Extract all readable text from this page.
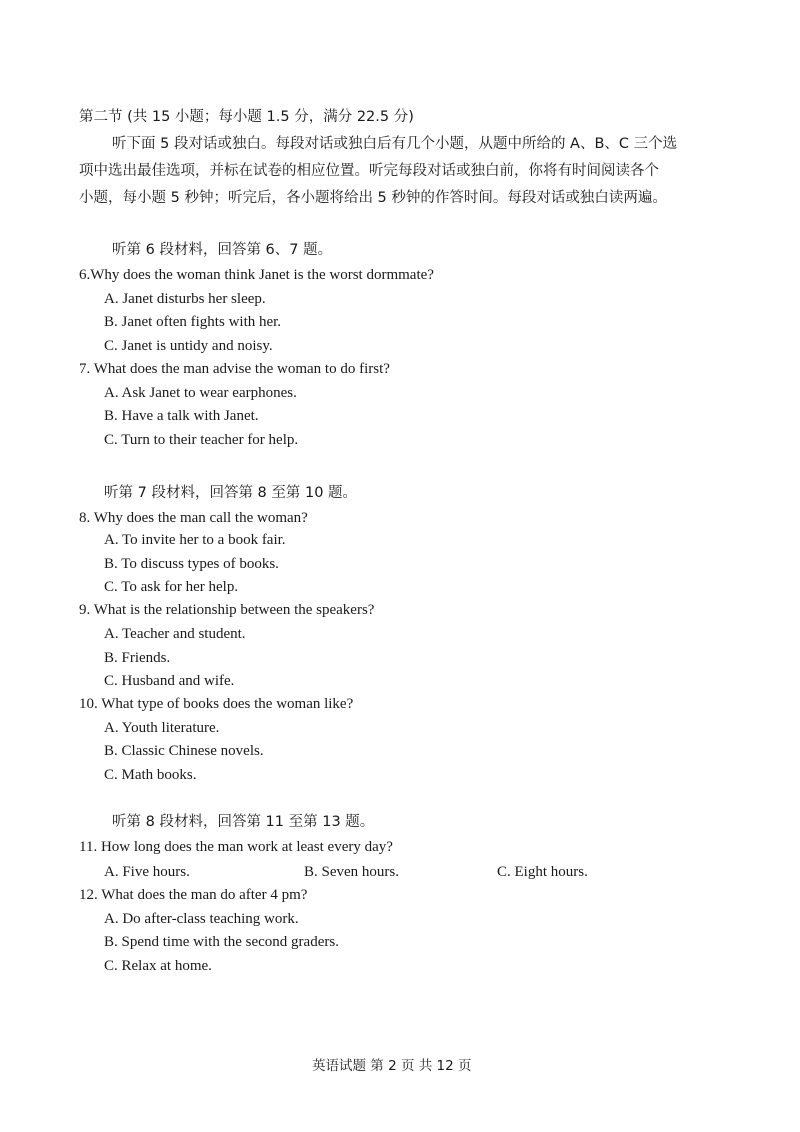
第二节 (共 15 小题；每小题 1.5 分，满分 22.5 分)
听下面 5 段对话或独白。每段对话或独白后有几个小题，从题中所给的 A、B、C 三个选
项中选出最佳选项，并标在试卷的相应位置。听完每段对话或独白前，你将有时间阅读各个
小题，每小题 5 秒钟；听完后，各小题将给出 5 秒钟的作答时间。每段对话或独白读两遍。
听第 6 段材料，回答第 6、7 题。
6.Why does the woman think Janet is the worst dormmate?
A. Janet disturbs her sleep.
B. Janet often fights with her.
C. Janet is untidy and noisy.
7. What does the man advise the woman to do first?
A. Ask Janet to wear earphones.
B. Have a talk with Janet.
C. Turn to their teacher for help.
听第 7 段材料，回答第 8 至第 10 题。
8. Why does the man call the woman?
A. To invite her to a book fair.
B. To discuss types of books.
C. To ask for her help.
9. What is the relationship between the speakers?
A. Teacher and student.
B. Friends.
C. Husband and wife.
10. What type of books does the woman like?
A. Youth literature.
B. Classic Chinese novels.
C. Math books.
听第 8 段材料，回答第 11 至第 13 题。
11. How long does the man work at least every day?
A. Five hours.	B. Seven hours.	C. Eight hours.
12. What does the man do after 4 pm?
A. Do after-class teaching work.
B. Spend time with the second graders.
C. Relax at home.
英语试题 第 2 页 共 12 页
